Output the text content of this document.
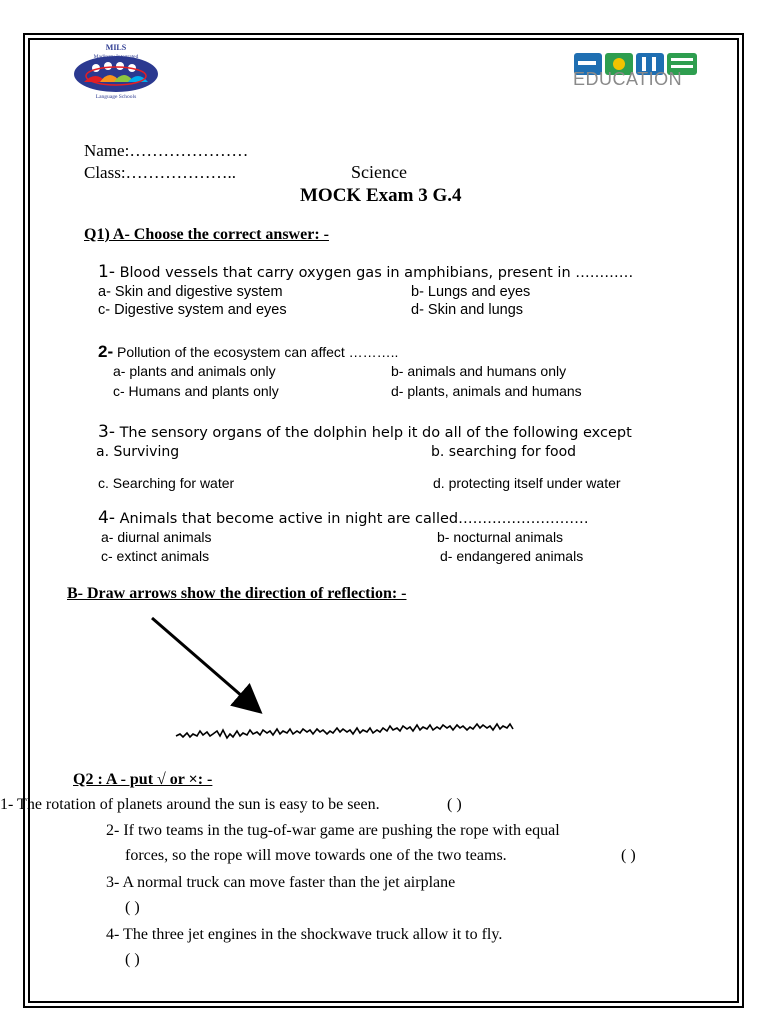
MILS
Madinaty Integrated
Language Schools
EDUCATION
Name:…………………
Class:………………..	Science
MOCK Exam 3 G.4
Q1) A- Choose the correct answer: -
1- Blood vessels that carry oxygen gas in amphibians, present in …………
a- Skin and digestive system	b- Lungs and eyes
c- Digestive system and eyes	d- Skin and lungs
2- Pollution of the ecosystem can affect ………..
a- plants and animals only	b- animals and humans only
c- Humans and plants only	d- plants, animals and humans
3- The sensory organs of the dolphin help it do all of the following except
a. Surviving	b. searching for food
c. Searching for water	d. protecting itself under water
4- Animals that become active in night are called………………………
a- diurnal animals	b- nocturnal animals
c- extinct animals	d- endangered animals
B- Draw arrows show the direction of reflection: -
Q2 : A - put √ or ×: -
1- The rotation of planets around the sun is easy to be seen.	( )
2- If two teams in the tug-of-war game are pushing the rope with equal
forces, so the rope will move towards one of the two teams.	( )
3- A normal truck can move faster than the jet airplane
( )
4- The three jet engines in the shockwave truck allow it to fly.
( )
